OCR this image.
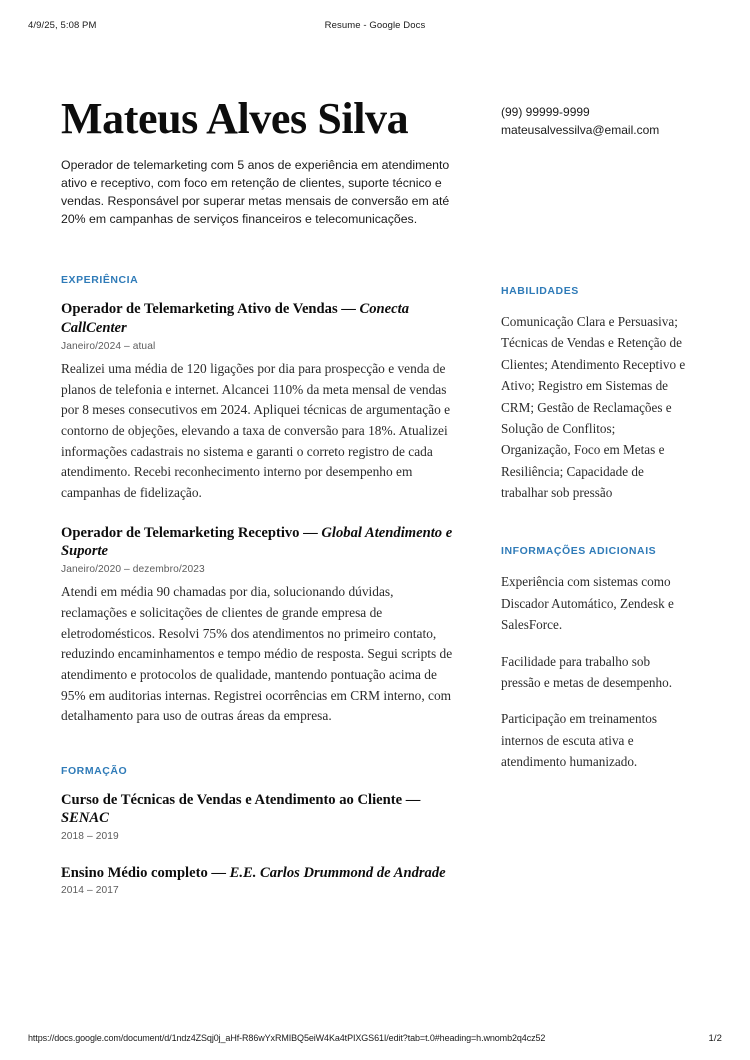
4/9/25, 5:08 PM	Resume - Google Docs
Mateus Alves Silva

Operador de telemarketing com 5 anos de experiência em atendimento ativo e receptivo, com foco em retenção de clientes, suporte técnico e vendas. Responsável por superar metas mensais de conversão em até 20% em campanhas de serviços financeiros e telecomunicações.

EXPERIÊNCIA

Operador de Telemarketing Ativo de Vendas — Conecta CallCenter

Janeiro/2024 – atual

Realizei uma média de 120 ligações por dia para prospecção e venda de planos de telefonia e internet. Alcancei 110% da meta mensal de vendas por 8 meses consecutivos em 2024. Apliquei técnicas de argumentação e contorno de objeções, elevando a taxa de conversão para 18%. Atualizei informações cadastrais no sistema e garanti o correto registro de cada atendimento. Recebi reconhecimento interno por desempenho em campanhas de fidelização.

Operador de Telemarketing Receptivo — Global Atendimento e Suporte

Janeiro/2020 – dezembro/2023

Atendi em média 90 chamadas por dia, solucionando dúvidas, reclamações e solicitações de clientes de grande empresa de eletrodomésticos. Resolvi 75% dos atendimentos no primeiro contato, reduzindo encaminhamentos e tempo médio de resposta. Segui scripts de atendimento e protocolos de qualidade, mantendo pontuação acima de 95% em auditorias internas. Registrei ocorrências em CRM interno, com detalhamento para uso de outras áreas da empresa.

FORMAÇÃO

Curso de Técnicas de Vendas e Atendimento ao Cliente — SENAC

2018 – 2019

Ensino Médio completo — E.E. Carlos Drummond de Andrade

2014 – 2017

(99) 99999-9999
mateusalvessilva@email.com
HABILIDADES

Comunicação Clara e Persuasiva; Técnicas de Vendas e Retenção de Clientes; Atendimento Receptivo e Ativo; Registro em Sistemas de CRM; Gestão de Reclamações e Solução de Conflitos; Organização, Foco em Metas e Resiliência; Capacidade de trabalhar sob pressão

INFORMAÇÕES ADICIONAIS

Experiência com sistemas como Discador Automático, Zendesk e SalesForce.

Facilidade para trabalho sob pressão e metas de desempenho.

Participação em treinamentos internos de escuta ativa e atendimento humanizado.

https://docs.google.com/document/d/1ndz4ZSqj0j_aHf-R86wYxRMIBQ5eiW4Ka4tPIXGS61I/edit?tab=t.0#heading=h.wnomb2q4cz52	1/2
